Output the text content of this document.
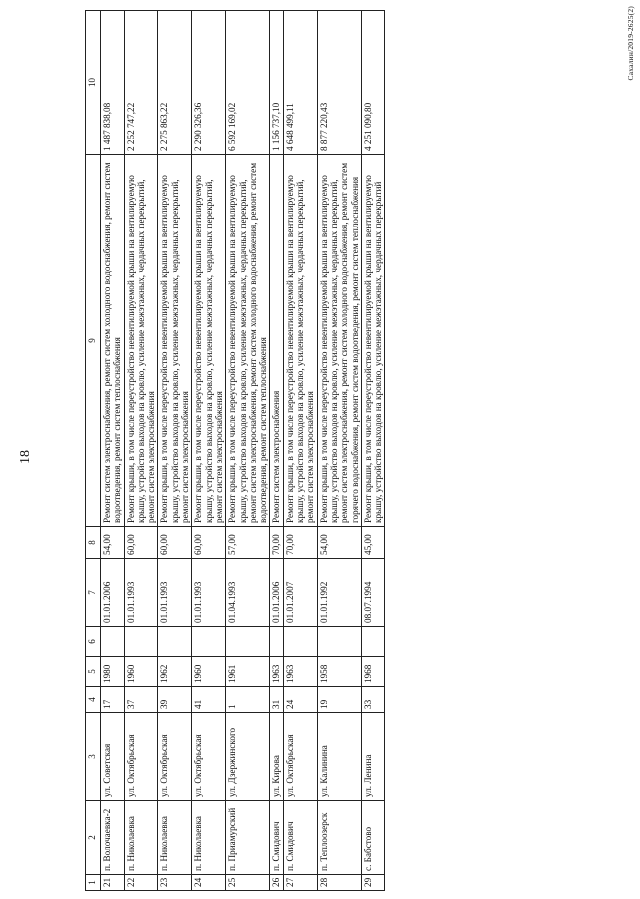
18
1	2	3	4	5	6	7	8	9	10
21	п. Вол​очаевка-2	ул. Советская	17	1980		01.01.2006	54,00	Ремонт систем электроснабжения, ремонт систем холодного водоснабжения, ремонт систем водоотведения, ремонт систем теплоснабжения	1 487 838,08
22	п. Николаевка	ул. Октябрьская	37	1960		01.01.1993	60,00	Ремонт крыши, в том числе переустройство невентилируемой крыши на вентилируемую крышу, устройство выходов на кровлю, усиление межэтажных, чердачных перекрытий, ремонт систем электроснабжения	2 252 747,22
23	п. Николаевка	ул. Октябрьская	39	1962		01.01.1993	60,00	Ремонт крыши, в том числе переустройство невентилируемой крыши на вентилируемую крышу, устройство выходов на кровлю, усиление межэтажных, чердачных перекрытий, ремонт систем электроснабжения	2 275 863,22
24	п. Николаевка	ул. Октябрьская	41	1960		01.01.1993	60,00	Ремонт крыши, в том числе переустройство невентилируемой крыши на вентилируемую крышу, устройство выходов на кровлю, усиление межэтажных, чердачных перекрытий, ремонт систем электроснабжения	2 290 326,36
25	п. Приамурский	ул. Дзержинского	1	1961		01.04.1993	57,00	Ремонт крыши, в том числе переустройство невентилируемой крыши на вентилируемую крышу, устройство выходов на кровлю, усиление межэтажных, чердачных перекрытий, ремонт систем электроснабжения, ремонт систем холодного водоснабжения, ремонт систем водоотведения, ремонт систем теплоснабжения	6 592 169,02
26	п. Смидович	ул. Кирова	31	1963		01.01.2006	70,00	Ремонт систем электроснабжения	1 156 737,10
27	п. Смидович	ул. Октябрьская	24	1963		01.01.2007	70,00	Ремонт крыши, в том числе переустройство невентилируемой крыши на вентилируемую крышу, устройство выходов на кровлю, усиление межэтажных, чердачных перекрытий, ремонт систем электроснабжения	4 648 499,11
28	п. Теплоозерск	ул. Калинина	19	1958		01.01.1992	54,00	Ремонт крыши, в том числе переустройство невентилируемой крыши на вентилируемую крышу, устройство выходов на кровлю, усиление межэтажных, чердачных перекрытий, ремонт систем электроснабжения, ремонт систем холодного водоснабжения, ремонт систем горячего водоснабжения, ремонт систем водоотведения, ремонт систем теплоснабжения	8 877 220,43
29	с. Бабстово	ул. Ленина	33	1968		08.07.1994	45,00	Ремонт крыши, в том числе переустройство невентилируемой крыши на вентилируемую крышу, устройство выходов на кровлю, усиление межэтажных, чердачных перекрытий	4 251 090,80
Сахалин/2019-2625(2)
